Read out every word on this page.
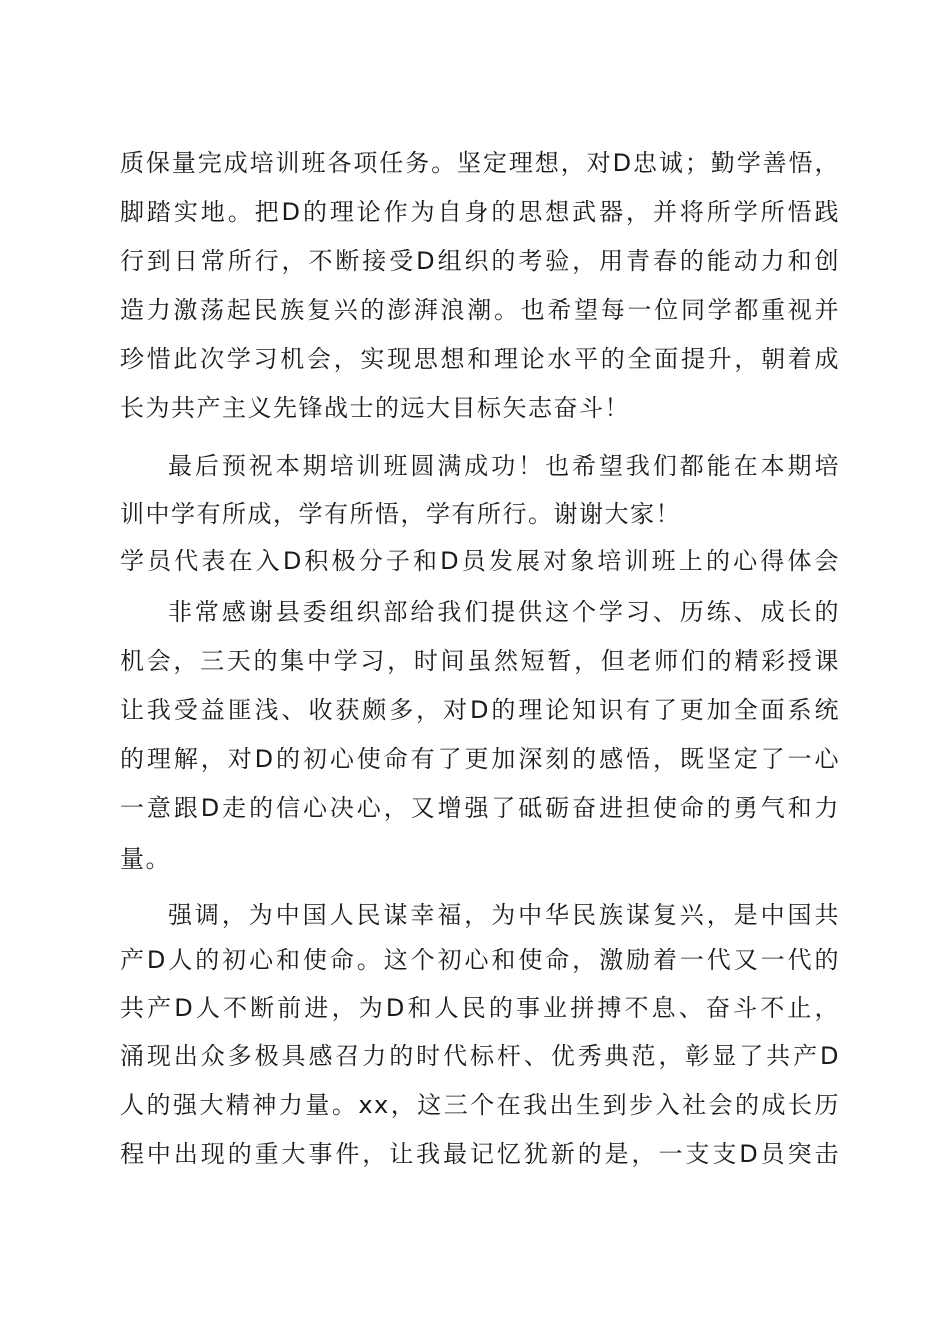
质保量完成培训班各项任务。坚定理想，对D忠诚；勤学善悟，
脚踏实地。把D的理论作为自身的思想武器，并将所学所悟践
行到日常所行，不断接受D组织的考验，用青春的能动力和创
造力激荡起民族复兴的澎湃浪潮。也希望每一位同学都重视并
珍惜此次学习机会，实现思想和理论水平的全面提升，朝着成
长为共产主义先锋战士的远大目标矢志奋斗！
最后预祝本期培训班圆满成功！也希望我们都能在本期培
训中学有所成，学有所悟，学有所行。谢谢大家！
学员代表在入D积极分子和D员发展对象培训班上的心得体会
非常感谢县委组织部给我们提供这个学习、历练、成长的
机会，三天的集中学习，时间虽然短暂，但老师们的精彩授课
让我受益匪浅、收获颇多，对D的理论知识有了更加全面系统
的理解，对D的初心使命有了更加深刻的感悟，既坚定了一心
一意跟D走的信心决心，又增强了砥砺奋进担使命的勇气和力
量。
强调，为中国人民谋幸福，为中华民族谋复兴，是中国共
产D人的初心和使命。这个初心和使命，激励着一代又一代的
共产D人不断前进，为D和人民的事业拼搏不息、奋斗不止，
涌现出众多极具感召力的时代标杆、优秀典范，彰显了共产D
人的强大精神力量。xx，这三个在我出生到步入社会的成长历
程中出现的重大事件，让我最记忆犹新的是，一支支D员突击
